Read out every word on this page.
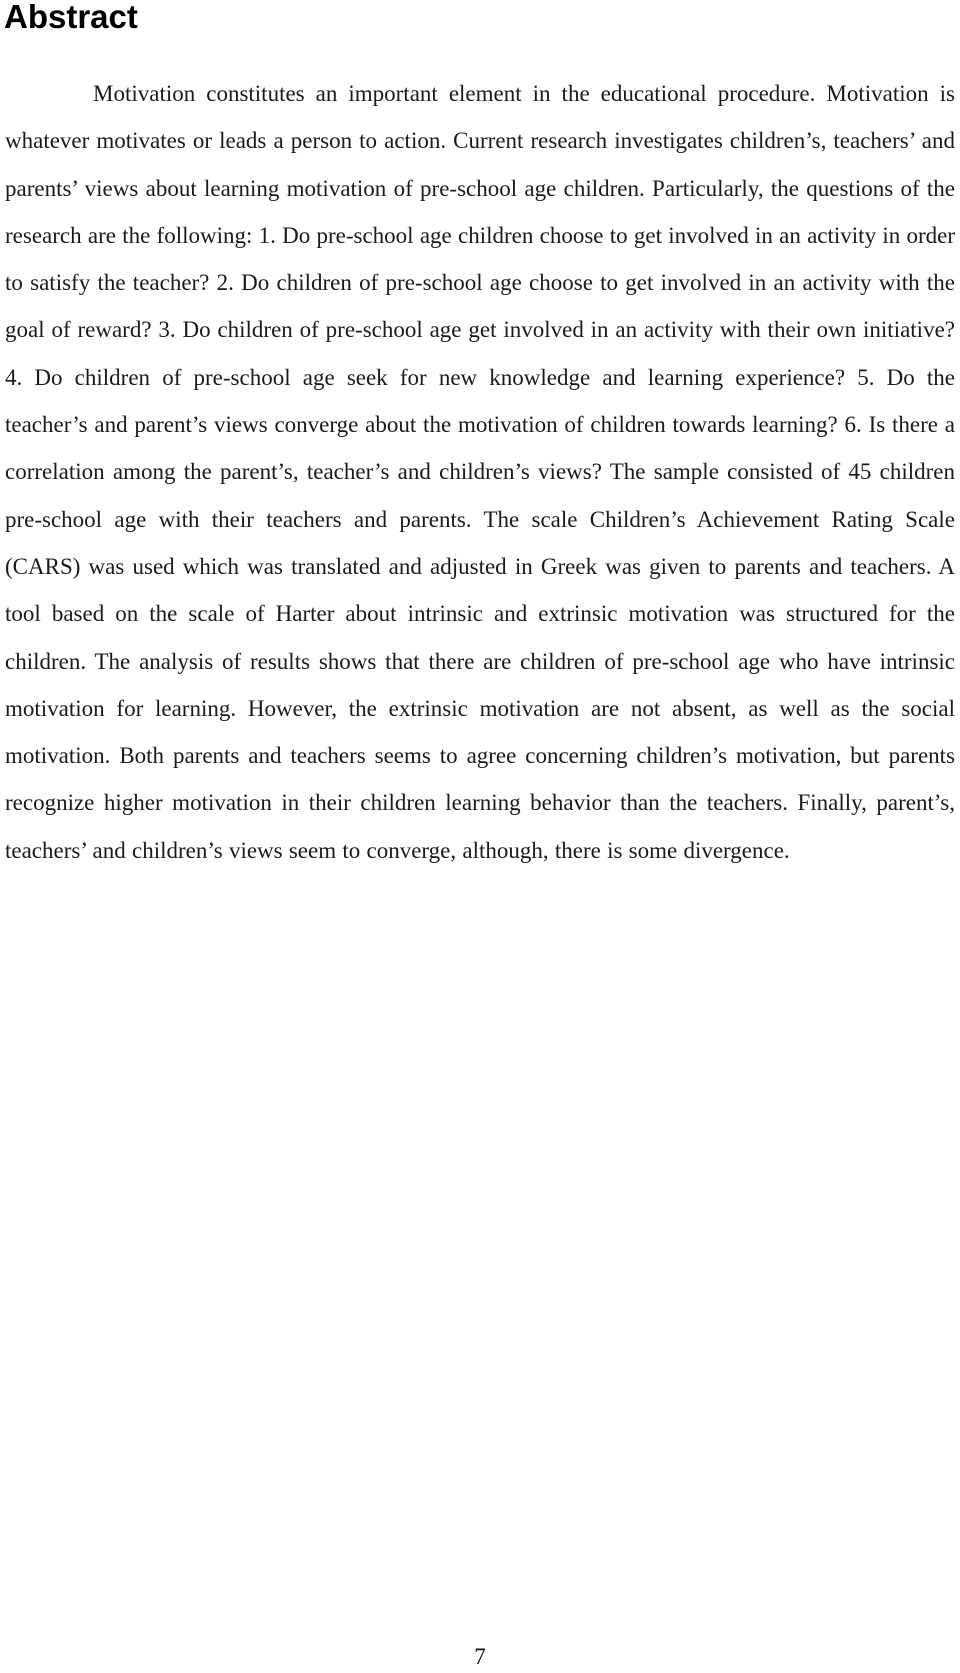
Abstract

Motivation constitutes an important element in the educational procedure. Motivation is whatever motivates or leads a person to action. Current research investigates children’s, teachers’ and parents’ views about learning motivation of pre-school age children. Particularly, the questions of the research are the following: 1. Do pre-school age children choose to get involved in an activity in order to satisfy the teacher? 2. Do children of pre-school age choose to get involved in an activity with the goal of reward? 3. Do children of pre-school age get involved in an activity with their own initiative? 4. Do children of pre-school age seek for new knowledge and learning experience? 5. Do the teacher’s and parent’s views converge about the motivation of children towards learning? 6. Is there a correlation among the parent’s, teacher’s and children’s views? The sample consisted of 45 children pre-school age with their teachers and parents. The scale Children’s Achievement Rating Scale (CARS) was used which was translated and adjusted in Greek was given to parents and teachers. A tool based on the scale of Harter about intrinsic and extrinsic motivation was structured for the children. The analysis of results shows that there are children of pre-school age who have intrinsic motivation for learning. However, the extrinsic motivation are not absent, as well as the social motivation. Both parents and teachers seems to agree concerning children’s motivation, but parents recognize higher motivation in their children learning behavior than the teachers. Finally, parent’s, teachers’ and children’s views seem to converge, although, there is some divergence.

7
